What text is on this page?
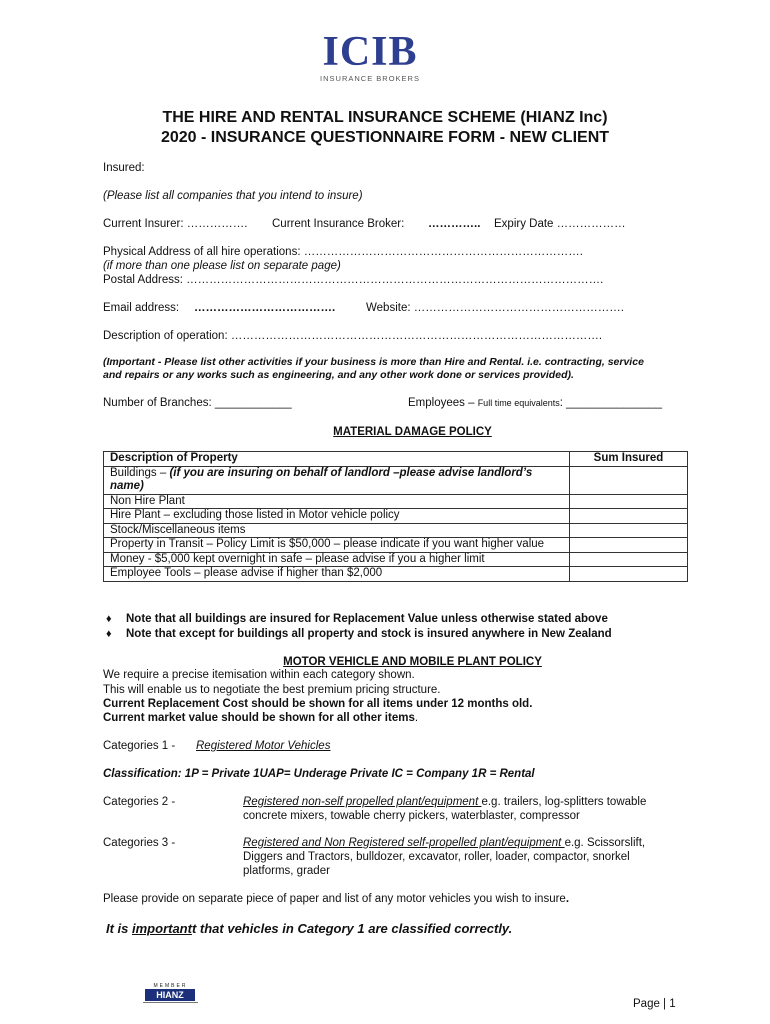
ICIB
INSURANCE BROKERS
THE HIRE AND RENTAL INSURANCE SCHEME (HIANZ Inc)
2020 - INSURANCE QUESTIONNAIRE FORM - NEW CLIENT
Insured:
(Please list all companies that you intend to insure)
Current Insurer: ……………. Current Insurance Broker: ………….. Expiry Date ………………
Physical Address of all hire operations: ……………………………………………………………….
(if more than one please list on separate page)
Postal Address: ……………………………………………………………………………………………….
Email address: ……………………………….	Website: ……………………………………………….
Description of operation: …………………………………………………………………………………….
(Important - Please list other activities if your business is more than Hire and Rental. i.e. contracting, service
and repairs or any works such as engineering, and any other work done or services provided).
Number of Branches: ____________	Employees – Full time equivalents: _______________
MATERIAL DAMAGE POLICY
Description of Property	Sum Insured
Buildings – (if you are insuring on behalf of landlord –please advise landlord’s name)	
Non Hire Plant	
Hire Plant – excluding those listed in Motor vehicle policy	
Stock/Miscellaneous items	
Property in Transit – Policy Limit is $50,000 – please indicate if you want higher value	
Money - $5,000 kept overnight in safe – please advise if you a higher limit	
Employee Tools – please advise if higher than $2,000	
♦ Note that all buildings are insured for Replacement Value unless otherwise stated above
♦ Note that except for buildings all property and stock is insured anywhere in New Zealand
MOTOR VEHICLE AND MOBILE PLANT POLICY
We require a precise itemisation within each category shown.
This will enable us to negotiate the best premium pricing structure.
Current Replacement Cost should be shown for all items under 12 months old.
Current market value should be shown for all other items.
Categories 1 - Registered Motor Vehicles
Classification: 1P = Private 1UAP= Underage Private IC = Company 1R = Rental
Categories 2 -	Registered non-self propelled plant/equipment e.g. trailers, log-splitters towable
concrete mixers, towable cherry pickers, waterblaster, compressor
Categories 3 -	Registered and Non Registered self-propelled plant/equipment e.g. Scissorslift,
Diggers and Tractors, bulldozer, excavator, roller, loader, compactor, snorkel
platforms, grader
Please provide on separate piece of paper and list of any motor vehicles you wish to insure.
It is importantt that vehicles in Category 1 are classified correctly.
MEMBER
HIANZ
Page | 1
